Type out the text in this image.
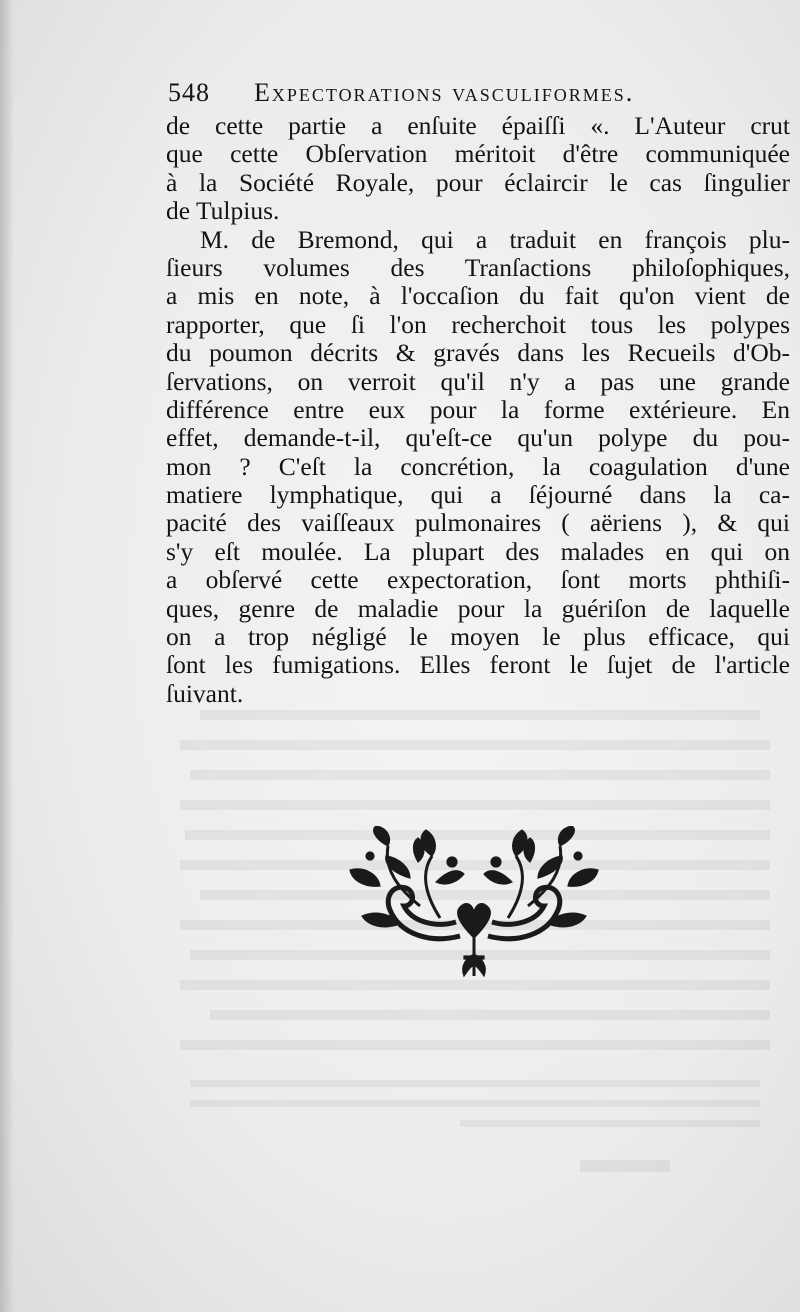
548 Expectorations vasculiformes.
de cette partie a enſuite épaiſſi «. L'Auteur crut
que cette Obſervation méritoit d'être communiquée
à la Société Royale, pour éclaircir le cas ſingulier
de Tulpius.
M. de Bremond, qui a traduit en françois plu-
ſieurs volumes des Tranſactions philoſophiques,
a mis en note, à l'occaſion du fait qu'on vient de
rapporter, que ſi l'on recherchoit tous les polypes
du poumon décrits & gravés dans les Recueils d'Ob-
ſervations, on verroit qu'il n'y a pas une grande
différence entre eux pour la forme extérieure. En
effet, demande-t-il, qu'eſt-ce qu'un polype du pou-
mon ? C'eſt la concrétion, la coagulation d'une
matiere lymphatique, qui a ſéjourné dans la ca-
pacité des vaiſſeaux pulmonaires ( aëriens ), & qui
s'y eſt moulée. La plupart des malades en qui on
a obſervé cette expectoration, ſont morts phthiſi-
ques, genre de maladie pour la guériſon de laquelle
on a trop négligé le moyen le plus efficace, qui
ſont les fumigations. Elles feront le ſujet de l'article
ſuivant.
